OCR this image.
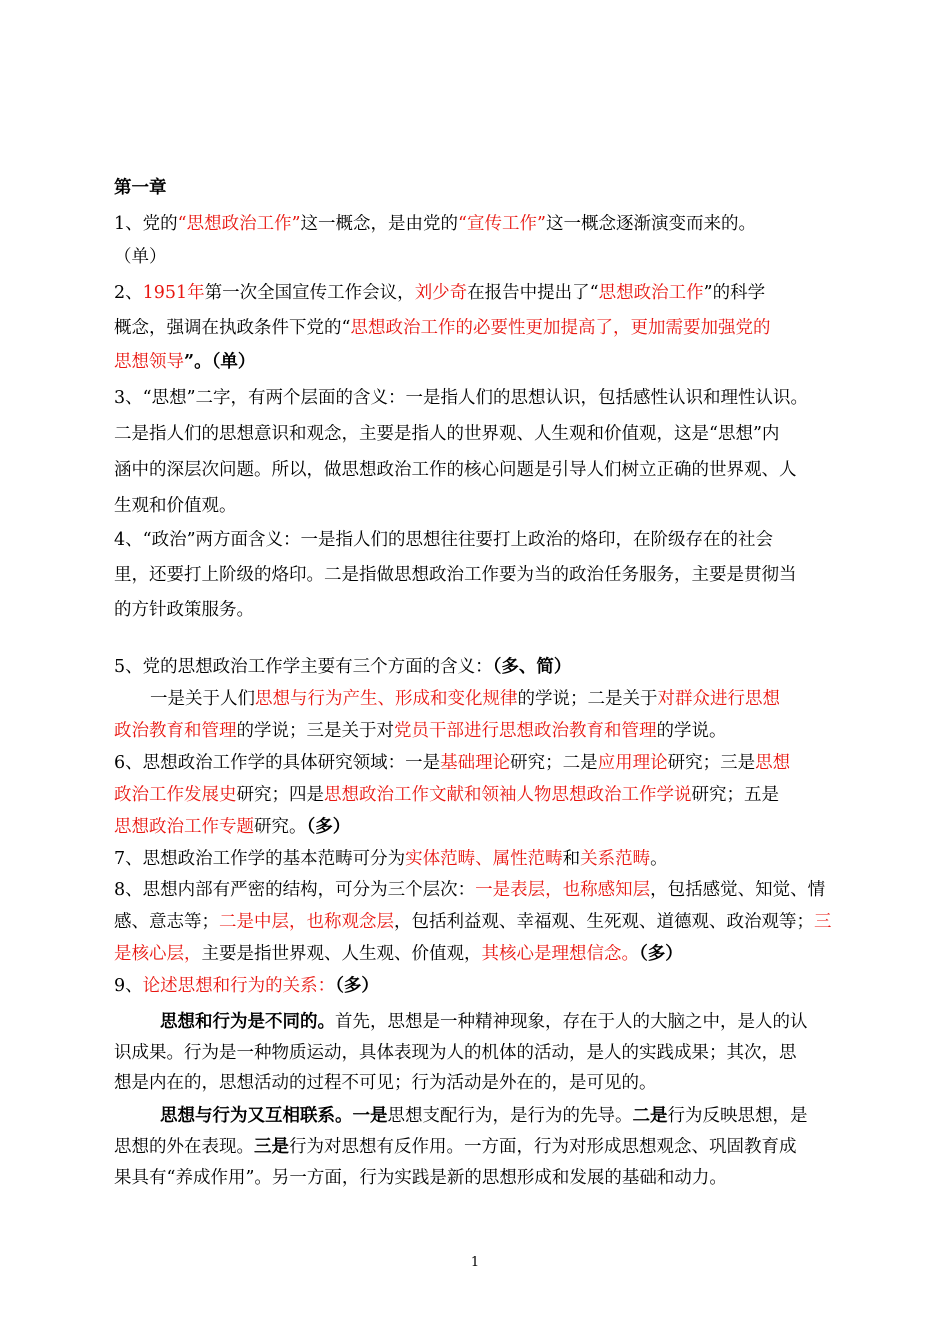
第一章
1、党的“思想政治工作”这一概念，是由党的“宣传工作”这一概念逐渐演变而来的。
（单）
2、1951年第一次全国宣传工作会议，刘少奇在报告中提出了“思想政治工作”的科学
概念，强调在执政条件下党的“思想政治工作的必要性更加提高了，更加需要加强党的
思想领导”。（单）
3、“思想”二字，有两个层面的含义：一是指人们的思想认识，包括感性认识和理性认识。
二是指人们的思想意识和观念，主要是指人的世界观、人生观和价值观，这是“思想”内
涵中的深层次问题。所以，做思想政治工作的核心问题是引导人们树立正确的世界观、人
生观和价值观。
4、“政治”两方面含义：一是指人们的思想往往要打上政治的烙印，在阶级存在的社会
里，还要打上阶级的烙印。二是指做思想政治工作要为当的政治任务服务，主要是贯彻当
的方针政策服务。
5、党的思想政治工作学主要有三个方面的含义：（多、简）
一是关于人们思想与行为产生、形成和变化规律的学说；二是关于对群众进行思想
政治教育和管理的学说；三是关于对党员干部进行思想政治教育和管理的学说。
6、思想政治工作学的具体研究领域：一是基础理论研究；二是应用理论研究；三是思想
政治工作发展史研究；四是思想政治工作文献和领袖人物思想政治工作学说研究；五是
思想政治工作专题研究。（多）
7、思想政治工作学的基本范畴可分为实体范畴、属性范畴和关系范畴。
8、思想内部有严密的结构，可分为三个层次：一是表层，也称感知层，包括感觉、知觉、情
感、意志等；二是中层，也称观念层，包括利益观、幸福观、生死观、道德观、政治观等；三
是核心层，主要是指世界观、人生观、价值观，其核心是理想信念。（多）
9、论述思想和行为的关系：（多）
思想和行为是不同的。首先，思想是一种精神现象，存在于人的大脑之中，是人的认
识成果。行为是一种物质运动，具体表现为人的机体的活动，是人的实践成果；其次，思
想是内在的，思想活动的过程不可见；行为活动是外在的，是可见的。
思想与行为又互相联系。一是思想支配行为，是行为的先导。二是行为反映思想，是
思想的外在表现。三是行为对思想有反作用。一方面，行为对形成思想观念、巩固教育成
果具有“养成作用”。另一方面，行为实践是新的思想形成和发展的基础和动力。
1
